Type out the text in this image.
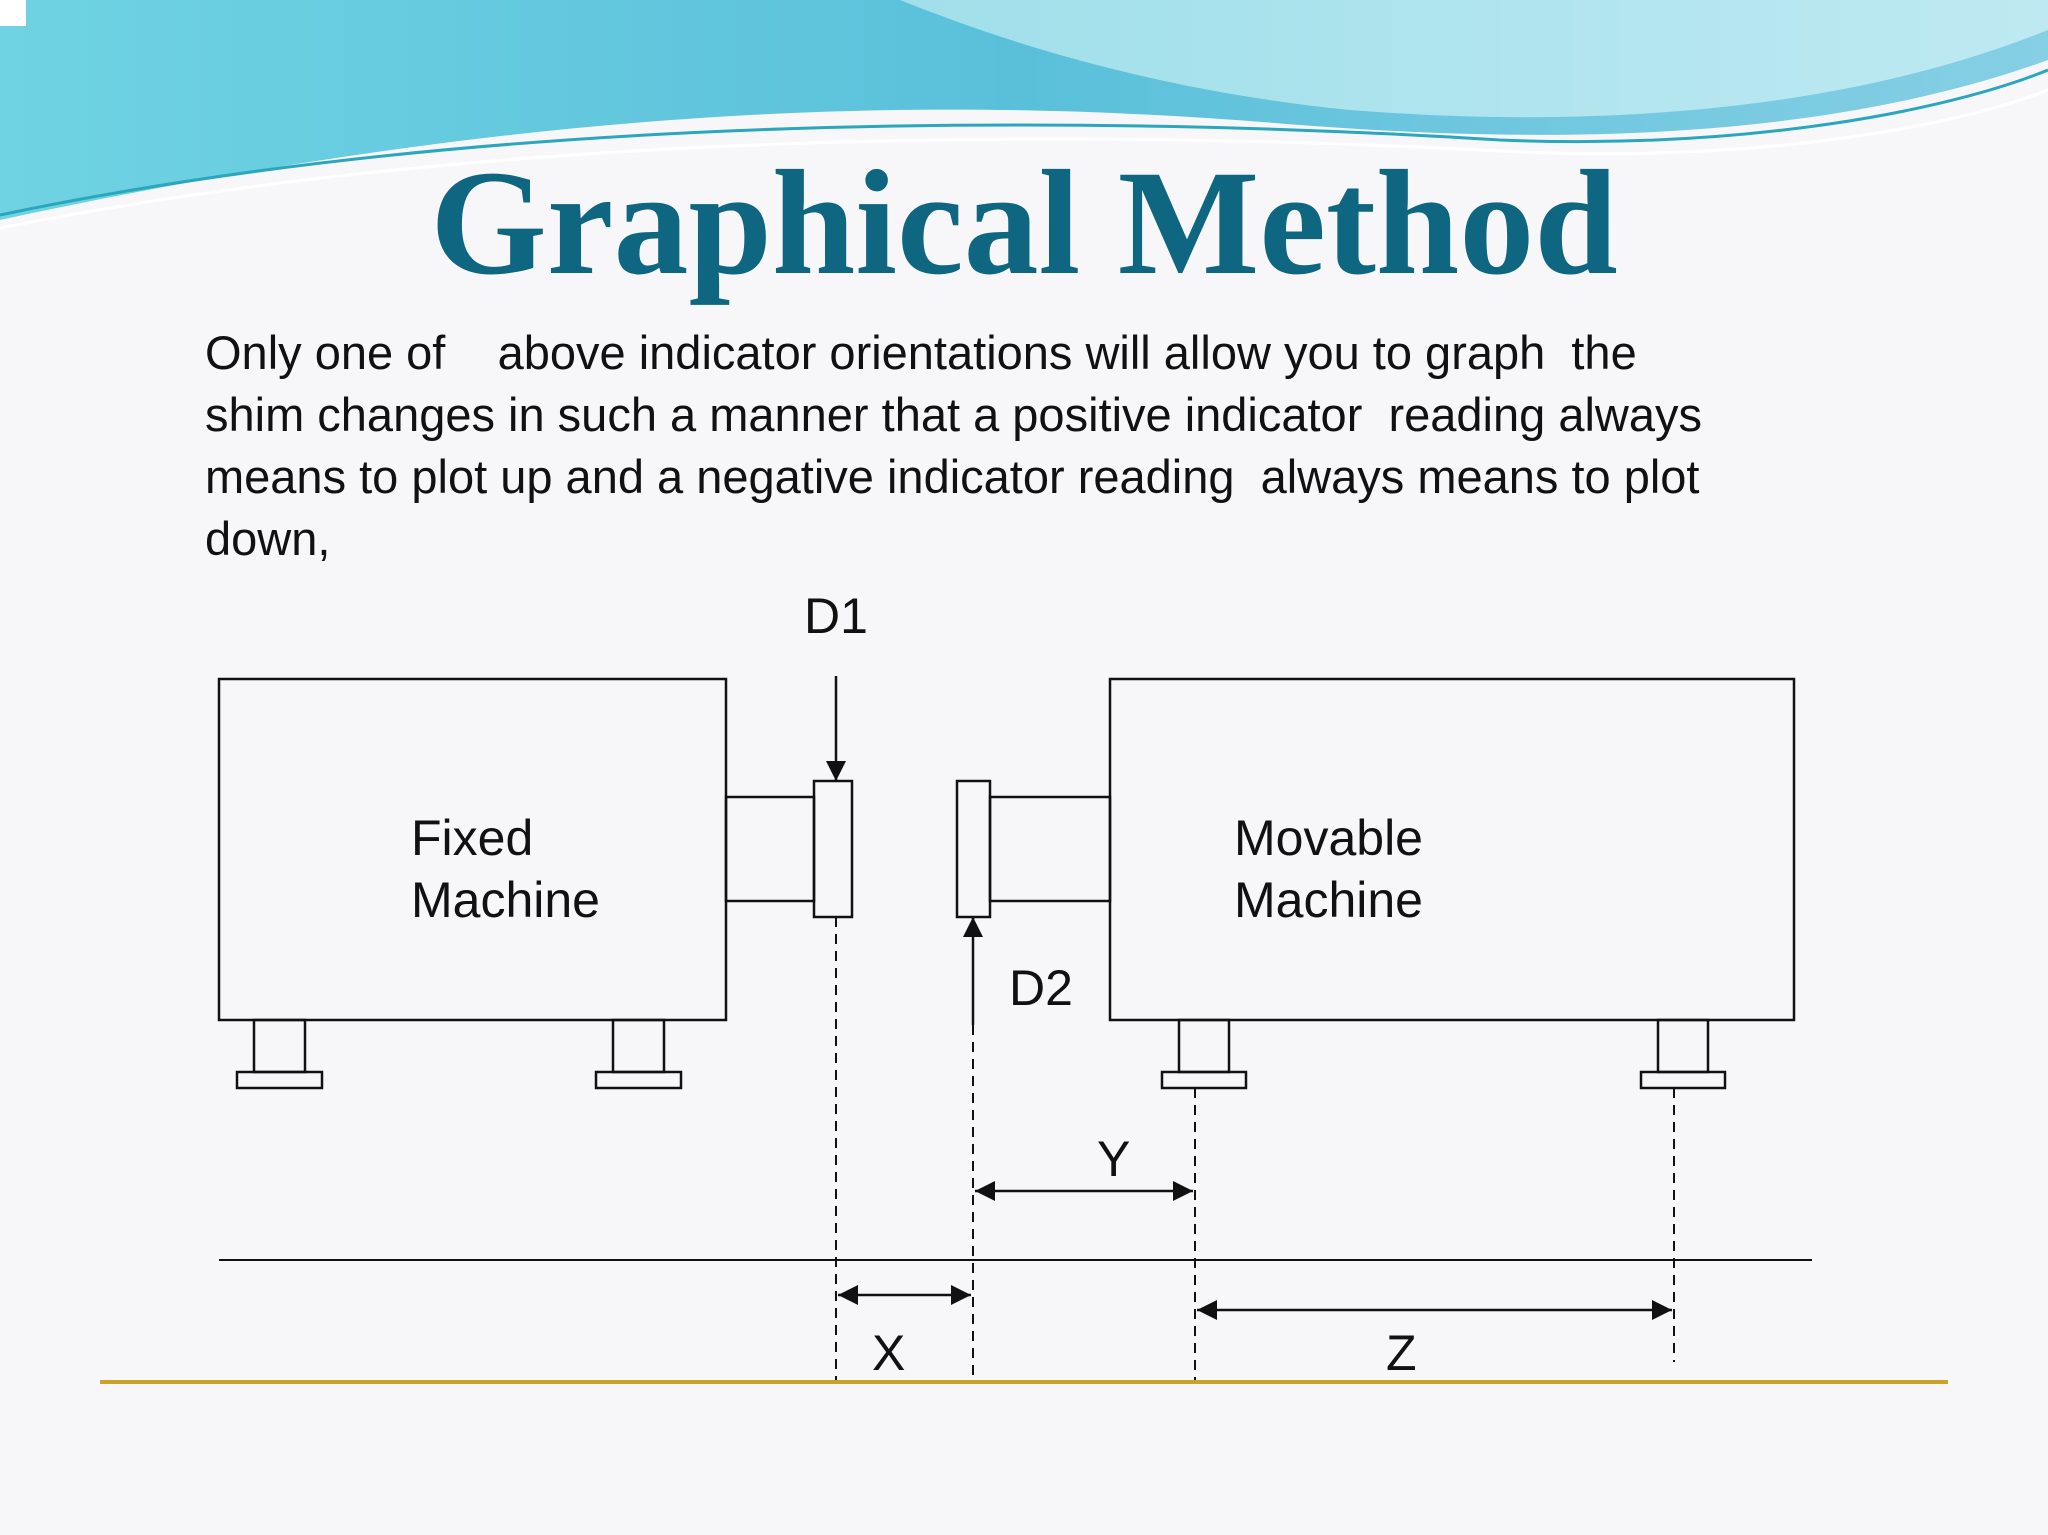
Graphical Method
Only one of    above indicator orientations will allow you to graph  the
shim changes in such a manner that a positive indicator  reading always
means to plot up and a negative indicator reading  always means to plot
down,
D1
D2
Fixed
Machine
Movable
Machine
Y
X	Z
